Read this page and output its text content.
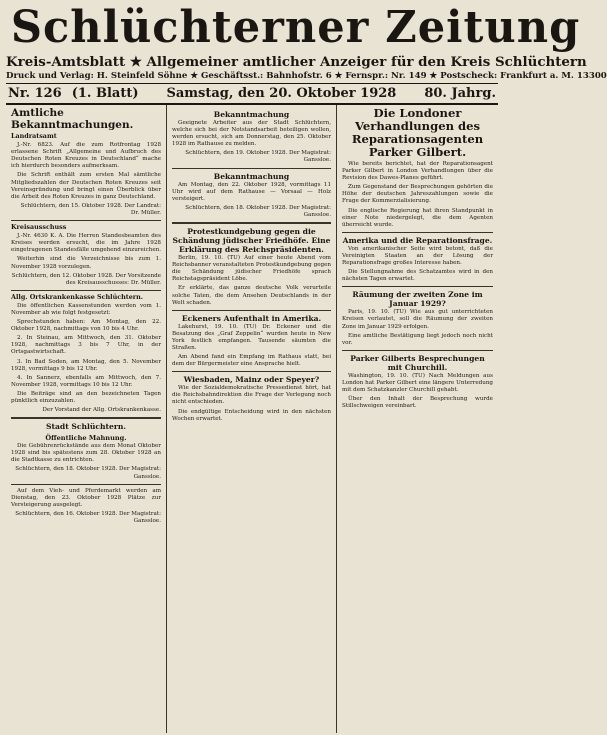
Schlüchterner Zeitung
Kreis-Amtsblatt ★ Allgemeiner amtlicher Anzeiger für den Kreis Schlüchtern
Druck und Verlag: H. Steinfeld Söhne ★ Geschäftsst.: Bahnhofstr. 6 ★ Fernspr.: Nr. 149 ★ Postscheck: Frankfurt a. M. 13300
Nr. 126 (1. Blatt) Samstag, den 20. Oktober 1928 80. Jahrg.
Amtliche Bekanntmachungen.
Landratsamt
J.-Nr. 6823. Auf die zum Rotfrontag 1928 erlassene Schrift „Allgemeine und Aufbruch des Deutschen Roten Kreuzes in Deutschland“ mache ich hierdurch besonders aufmerksam.
Die Schrift enthält zum ersten Mal sämtliche Mitgliedszahlen der Deutschen Roten Kreuzes seit Vereinsgründung und bringt einen Überblick über die Arbeit des Roten Kreuzes in ganz Deutschland.
Schlüchtern, den 15. Oktober 1928. Der Landrat: Dr. Müller.
Kreisausschuss
J.-Nr. 4630 K. A. Die Herren Standesbeamten des Kreises werden ersucht, die im Jahre 1928 eingetragenen Standesfälle umgehend einzureichen.
Weiterhin sind die Verzeichnisse bis zum 1. November 1928 vorzulegen.
Schlüchtern, den 12. Oktober 1928. Der Vorsitzende des Kreisausschusses: Dr. Müller.
Allg. Ortskrankenkasse Schlüchtern.
Die öffentlichen Kassenstunden werden vom 1. November ab wie folgt festgesetzt:
Sprechstunden haben: Am Montag, den 22. Oktober 1928, nachmittags von 10 bis 4 Uhr.
2. In Steinau, am Mittwoch, den 31. Oktober 1928, nachmittags 3 bis 7 Uhr, in der Ortsgastwirtschaft.
3. In Bad Soden, am Montag, den 5. November 1928, vormittags 9 bis 12 Uhr.
4. In Sannerz, ebenfalls am Mittwoch, den 7. November 1928, vormittags 10 bis 12 Uhr.
Die Beiträge sind an den bezeichneten Tagen pünktlich einzuzahlen.
Der Vorstand der Allg. Ortskrankenkasse.
Stadt Schlüchtern.
Öffentliche Mahnung.
Die Gebührenrückstände aus dem Monat Oktober 1928 sind bis spätestens zum 28. Oktober 1928 an die Stadtkasse zu entrichten.
Schlüchtern, den 18. Oktober 1928. Der Magistrat: Ganssloe.
Auf dem Vieh- und Pferdemarkt werden am Dienstag, den 23. Oktober 1928 Plätze zur Versteigerung ausgelegt.
Schlüchtern, den 16. Oktober 1928. Der Magistrat: Ganssloe.
Bekanntmachung
Geeignete Arbeiter aus der Stadt Schlüchtern, welche sich bei der Notstandsarbeit beteiligen wollen, werden ersucht, sich am Donnerstag, den 25. Oktober 1928 im Rathause zu melden.
Schlüchtern, den 19. Oktober 1928. Der Magistrat: Ganssloe.
Bekanntmachung
Am Montag, den 22. Oktober 1928, vormittags 11 Uhr wird auf dem Rathause — Vorsaal — Holz versteigert.
Schlüchtern, den 18. Oktober 1928. Der Magistrat: Ganssloe.
Protestkundgebung gegen die Schändung jüdischer Friedhöfe. Eine Erklärung des Reichspräsidenten.
Berlin, 19. 10. (TU) Auf einer heute Abend vom Reichsbanner veranstalteten Protestkundgebung gegen die Schändung jüdischer Friedhöfe sprach Reichstagspräsident Löbe.
Er erklärte, das ganze deutsche Volk verurteile solche Taten, die dem Ansehen Deutschlands in der Welt schaden.
Eckeners Aufenthalt in Amerika.
Lakehurst, 19. 10. (TU) Dr. Eckener und die Besatzung des „Graf Zeppelin“ wurden heute in New York festlich empfangen. Tausende säumten die Straßen.
Am Abend fand ein Empfang im Rathaus statt, bei dem der Bürgermeister eine Ansprache hielt.
Wiesbaden, Mainz oder Speyer?
Wie der Sozialdemokratische Pressedienst hört, hat die Reichsbahndirektion die Frage der Verlegung noch nicht entschieden.
Die endgültige Entscheidung wird in den nächsten Wochen erwartet.
Die Londoner Verhandlungen des Reparationsagenten Parker Gilbert.
Wie bereits berichtet, hat der Reparationsagent Parker Gilbert in London Verhandlungen über die Revision des Dawes-Planes geführt.
Zum Gegenstand der Besprechungen gehörten die Höhe der deutschen Jahreszahlungen sowie die Frage der Kommerzialisierung.
Die englische Regierung hat ihren Standpunkt in einer Note niedergelegt, die dem Agenten überreicht wurde.
Amerika und die Reparationsfrage.
Von amerikanischer Seite wird betont, daß die Vereinigten Staaten an der Lösung der Reparationsfrage großes Interesse haben.
Die Stellungnahme des Schatzamtes wird in den nächsten Tagen erwartet.
Räumung der zweiten Zone im Januar 1929?
Paris, 19. 10. (TU) Wie aus gut unterrichteten Kreisen verlautet, soll die Räumung der zweiten Zone im Januar 1929 erfolgen.
Eine amtliche Bestätigung liegt jedoch noch nicht vor.
Parker Gilberts Besprechungen mit Churchill.
Washington, 19. 10. (TU) Nach Meldungen aus London hat Parker Gilbert eine längere Unterredung mit dem Schatzkanzler Churchill gehabt.
Über den Inhalt der Besprechung wurde Stillschweigen vereinbart.
